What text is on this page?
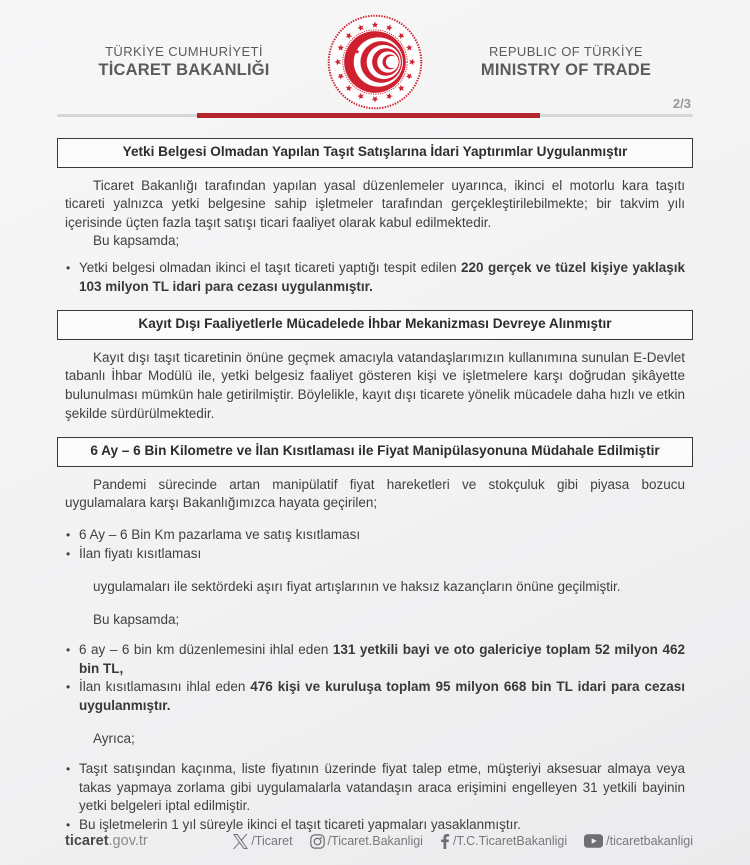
TÜRKİYE CUMHURİYETİ
TİCARET BAKANLIĞI
REPUBLIC OF TÜRKİYE
MINISTRY OF TRADE
2/3
Yetki Belgesi Olmadan Yapılan Taşıt Satışlarına İdari Yaptırımlar Uygulanmıştır

Ticaret Bakanlığı tarafından yapılan yasal düzenlemeler uyarınca, ikinci el motorlu kara taşıtı ticareti yalnızca yetki belgesine sahip işletmeler tarafından gerçekleştirilebilmekte; bir takvim yılı içerisinde üçten fazla taşıt satışı ticari faaliyet olarak kabul edilmektedir.

Bu kapsamda;

• Yetki belgesi olmadan ikinci el taşıt ticareti yaptığı tespit edilen 220 gerçek ve tüzel kişiye yaklaşık 103 milyon TL idari para cezası uygulanmıştır.
Kayıt Dışı Faaliyetlerle Mücadelede İhbar Mekanizması Devreye Alınmıştır

Kayıt dışı taşıt ticaretinin önüne geçmek amacıyla vatandaşlarımızın kullanımına sunulan E-Devlet tabanlı İhbar Modülü ile, yetki belgesiz faaliyet gösteren kişi ve işletmelere karşı doğrudan şikâyette bulunulması mümkün hale getirilmiştir. Böylelikle, kayıt dışı ticarete yönelik mücadele daha hızlı ve etkin şekilde sürdürülmektedir.

6 Ay – 6 Bin Kilometre ve İlan Kısıtlaması ile Fiyat Manipülasyonuna Müdahale Edilmiştir

Pandemi sürecinde artan manipülatif fiyat hareketleri ve stokçuluk gibi piyasa bozucu uygulamalara karşı Bakanlığımızca hayata geçirilen;

• 6 Ay – 6 Bin Km pazarlama ve satış kısıtlaması
• İlan fiyatı kısıtlaması

uygulamaları ile sektördeki aşırı fiyat artışlarının ve haksız kazançların önüne geçilmiştir.

Bu kapsamda;

• 6 ay – 6 bin km düzenlemesini ihlal eden 131 yetkili bayi ve oto galericiye toplam 52 milyon 462 bin TL,
• İlan kısıtlamasını ihlal eden 476 kişi ve kuruluşa toplam 95 milyon 668 bin TL idari para cezası uygulanmıştır.

Ayrıca;

• Taşıt satışından kaçınma, liste fiyatının üzerinde fiyat talep etme, müşteriyi aksesuar almaya veya takas yapmaya zorlama gibi uygulamalarla vatandaşın araca erişimini engelleyen 31 yetkili bayinin yetki belgeleri iptal edilmiştir.
• Bu işletmelerin 1 yıl süreyle ikinci el taşıt ticareti yapmaları yasaklanmıştır.
ticaret.gov.tr	/Ticaret	/Ticaret.Bakanligi /T.C.TicaretBakanligi	/ticaretbakanligi
